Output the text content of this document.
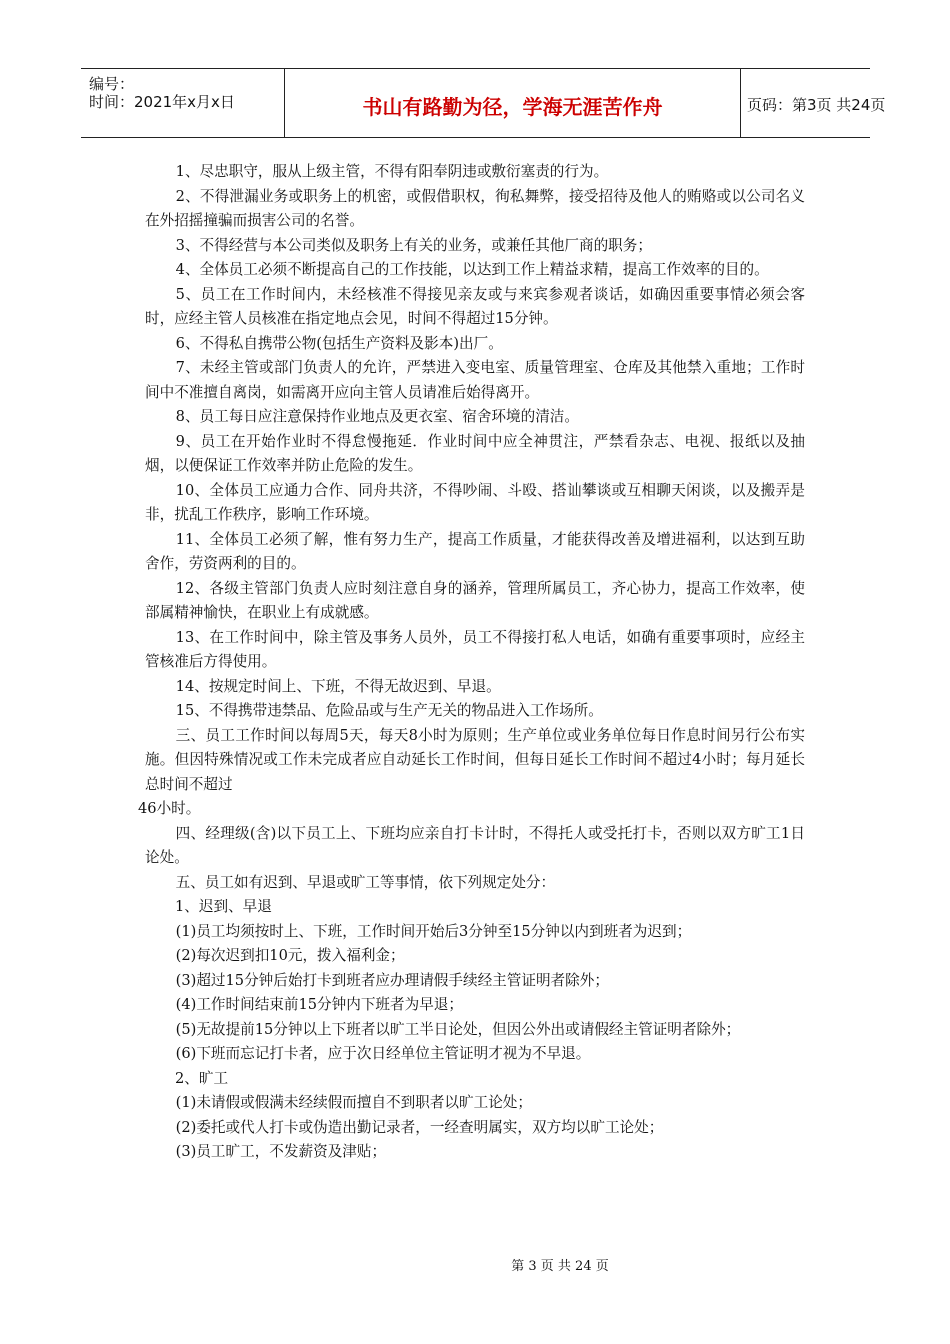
编号：
时间：2021年x月x日	书山有路勤为径，学海无涯苦作舟	页码：第3页 共24页

1、尽忠职守，服从上级主管，不得有阳奉阴违或敷衍塞责的行为。

2、不得泄漏业务或职务上的机密，或假借职权，徇私舞弊，接受招待及他人的贿赂或以公司名义在外招摇撞骗而损害公司的名誉。

3、不得经营与本公司类似及职务上有关的业务，或兼任其他厂商的职务；

4、全体员工必须不断提高自己的工作技能，以达到工作上精益求精，提高工作效率的目的。

5、员工在工作时间内，未经核准不得接见亲友或与来宾参观者谈话，如确因重要事情必须会客时，应经主管人员核准在指定地点会见，时间不得超过15分钟。

6、不得私自携带公物(包括生产资料及影本)出厂。

7、未经主管或部门负责人的允许，严禁进入变电室、质量管理室、仓库及其他禁入重地；工作时间中不准擅自离岗，如需离开应向主管人员请准后始得离开。

8、员工每日应注意保持作业地点及更衣室、宿舍环境的清洁。

9、员工在开始作业时不得怠慢拖延．作业时间中应全神贯注，严禁看杂志、电视、报纸以及抽烟，以便保证工作效率并防止危险的发生。

10、全体员工应通力合作、同舟共济，不得吵闹、斗殴、搭讪攀谈或互相聊天闲谈，以及搬弄是非，扰乱工作秩序，影响工作环境。

11、全体员工必须了解，惟有努力生产，提高工作质量，才能获得改善及增进福利，以达到互助舍作，劳资两利的目的。

12、各级主管部门负责人应时刻注意自身的涵养，管理所属员工，齐心协力，提高工作效率，使部属精神愉快，在职业上有成就感。

13、在工作时间中，除主管及事务人员外，员工不得接打私人电话，如确有重要事项时，应经主管核准后方得使用。

14、按规定时间上、下班，不得无故迟到、早退。

15、不得携带违禁品、危险品或与生产无关的物品进入工作场所。

三、员工工作时间以每周5天，每天8小时为原则；生产单位或业务单位每日作息时间另行公布实施。但因特殊情况或工作未完成者应自动延长工作时间，但每日延长工作时间不超过4小时；每月延长总时间不超过

46小时。

四、经理级(含)以下员工上、下班均应亲自打卡计时，不得托人或受托打卡，否则以双方旷工1日论处。

五、员工如有迟到、早退或旷工等事情，依下列规定处分：

1、迟到、早退

(1)员工均须按时上、下班，工作时间开始后3分钟至15分钟以内到班者为迟到；

(2)每次迟到扣10元，拨入福利金；

(3)超过15分钟后始打卡到班者应办理请假手续经主管证明者除外；

(4)工作时间结束前15分钟内下班者为早退；

(5)无故提前15分钟以上下班者以旷工半日论处，但因公外出或请假经主管证明者除外；

(6)下班而忘记打卡者，应于次日经单位主管证明才视为不早退。

2、旷工

(1)未请假或假满未经续假而擅自不到职者以旷工论处；

(2)委托或代人打卡或伪造出勤记录者，一经查明属实，双方均以旷工论处；

(3)员工旷工，不发薪资及津贴；

第 3 页 共 24 页
